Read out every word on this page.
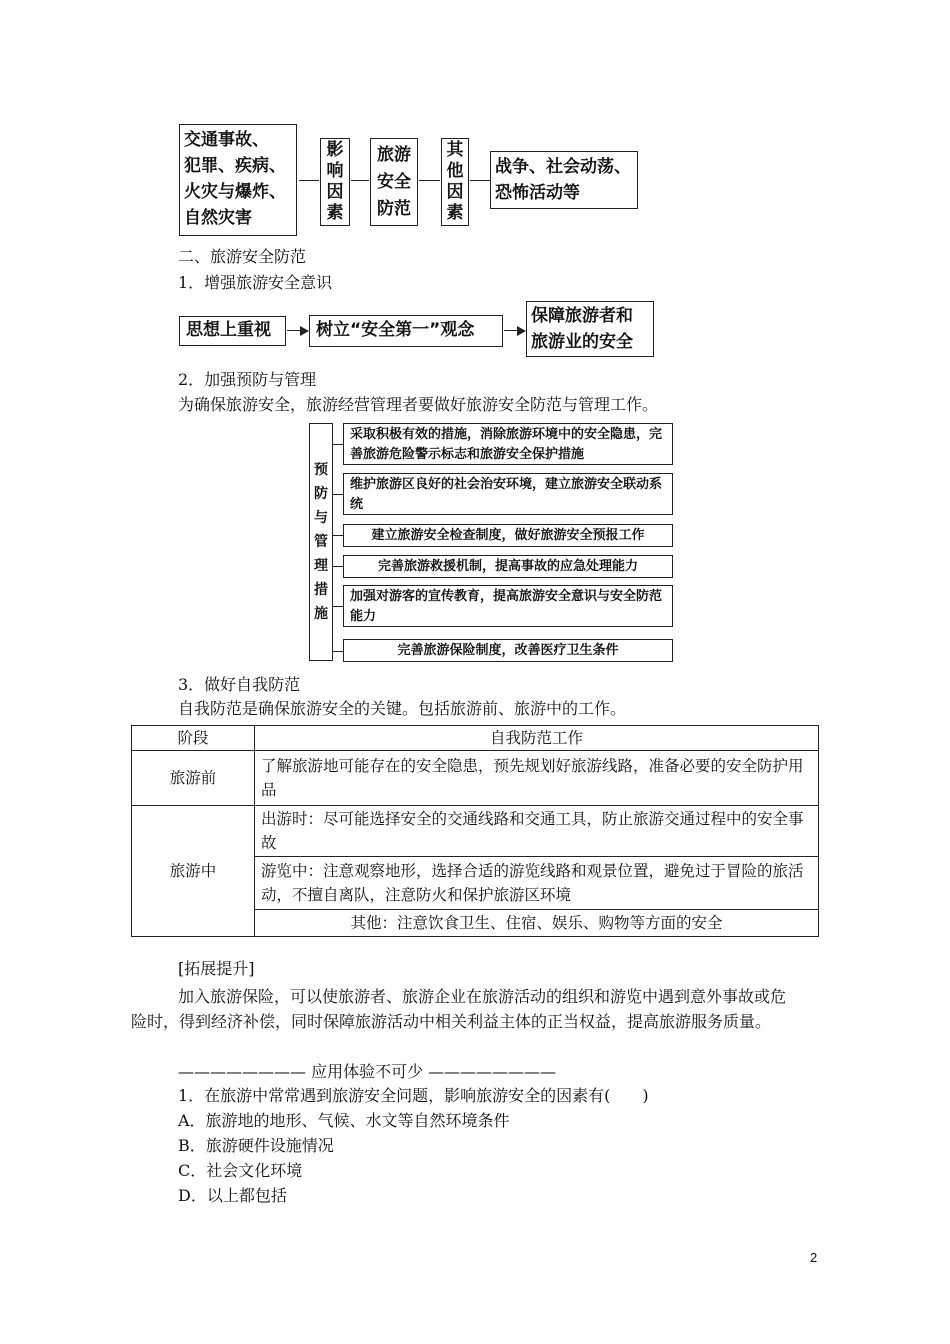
交通事故、
犯罪、疾病、
火灾与爆炸、
自然灾害
影
响
因
素
旅游
安全
防范
其
他
因
素
战争、社会动荡、
恐怖活动等
二、旅游安全防范
1．增强旅游安全意识
思想上重视	树立“安全第一”观念
保障旅游者和
旅游业的安全
2．加强预防与管理
为确保旅游安全，旅游经营管理者要做好旅游安全防范与管理工作。
预
防
与
管
理
措
施
采取积极有效的措施，消除旅游环境中的安全隐患，完善旅游危险警示标志和旅游安全保护措施
维护旅游区良好的社会治安环境，建立旅游安全联动系统
建立旅游安全检查制度，做好旅游安全预报工作
完善旅游救援机制，提高事故的应急处理能力
加强对游客的宣传教育，提高旅游安全意识与安全防范能力
完善旅游保险制度，改善医疗卫生条件
3．做好自我防范
自我防范是确保旅游安全的关键。包括旅游前、旅游中的工作。
阶段	自我防范工作
旅游前	了解旅游地可能存在的安全隐患，预先规划好旅游线路，准备必要的安全防护用品
旅游中	出游时：尽可能选择安全的交通线路和交通工具，防止旅游交通过程中的安全事故
	游览中：注意观察地形，选择合适的游览线路和观景位置，避免过于冒险的旅活动，不擅自离队，注意防火和保护旅游区环境
	其他：注意饮食卫生、住宿、娱乐、购物等方面的安全
[拓展提升]
加入旅游保险，可以使旅游者、旅游企业在旅游活动的组织和游览中遇到意外事故或危
险时，得到经济补偿，同时保障旅游活动中相关利益主体的正当权益，提高旅游服务质量。
———————— 应用体验不可少 ————————
1．在旅游中常常遇到旅游安全问题，影响旅游安全的因素有(　　)
A．旅游地的地形、气候、水文等自然环境条件
B．旅游硬件设施情况
C．社会文化环境
D．以上都包括
2
